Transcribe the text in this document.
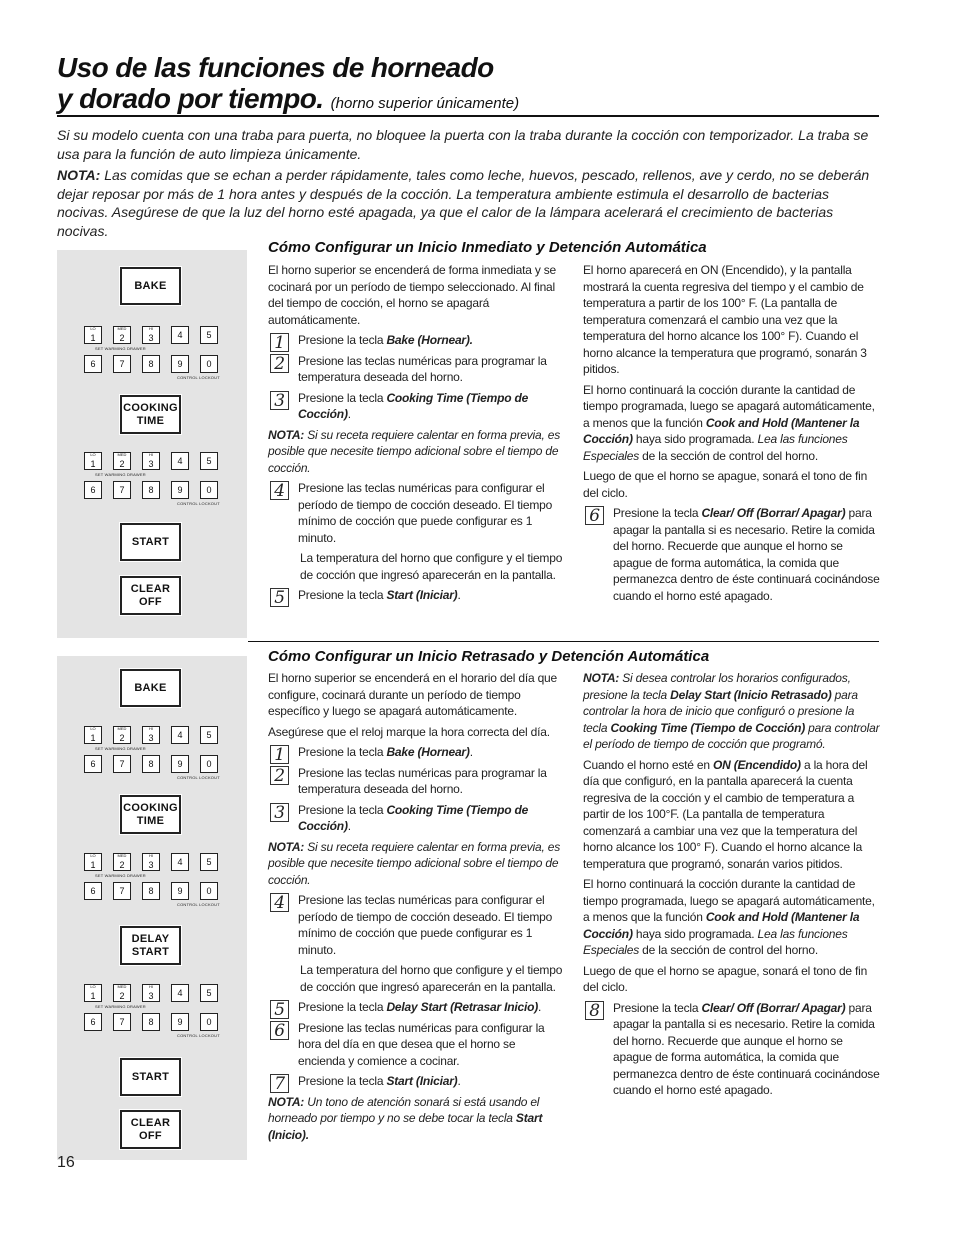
Uso de las funciones de horneado
y dorado por tiempo. (horno superior únicamente)

Si su modelo cuenta con una traba para puerta, no bloquee la puerta con la traba durante la cocción con temporizador. La traba se usa para la función de auto limpieza únicamente.

NOTA: Las comidas que se echan a perder rápidamente, tales como leche, huevos, pescado, rellenos, ave y cerdo, no se deberán dejar reposar por más de 1 hora antes y después de la cocción. La temperatura ambiente estimula el desarrollo de bacterias nocivas. Asegúrese de que la luz del horno esté apagada, ya que el calor de la lámpara acelerará el crecimiento de bacterias nocivas.

BAKE
LO
1
MED
2
HI
3	4	5
SET WARMING DRAWER
6	7	8	9	0
CONTROL LOCKOUT
COOKING TIME
LO
1
MED
2
HI
3	4	5
SET WARMING DRAWER
6	7	8	9	0
CONTROL LOCKOUT
START
CLEAR OFF
Cómo Configurar un Inicio Inmediato y Detención Automática

El horno superior se encenderá de forma inmediata y se cocinará por un período de tiempo seleccionado. Al final del tiempo de cocción, el horno se apagará automáticamente.

1	Presione la tecla Bake (Hornear).
2	Presione las teclas numéricas para programar la temperatura deseada del horno.
3	Presione la tecla Cooking Time (Tiempo de Cocción).

NOTA: Si su receta requiere calentar en forma previa, es posible que necesite tiempo adicional sobre el tiempo de cocción.

4	Presione las teclas numéricas para configurar el período de tiempo de cocción deseado. El tiempo mínimo de cocción que puede configurar es 1 minuto.

La temperatura del horno que configure y el tiempo de cocción que ingresó aparecerán en la pantalla.

5	Presione la tecla Start (Iniciar).

El horno aparecerá en ON (Encendido), y la pantalla mostrará la cuenta regresiva del tiempo y el cambio de temperatura a partir de los 100° F. (La pantalla de temperatura comenzará el cambio una vez que la temperatura del horno alcance los 100° F). Cuando el horno alcance la temperatura que programó, sonarán 3 pitidos.

El horno continuará la cocción durante la cantidad de tiempo programada, luego se apagará automáticamente, a menos que la función Cook and Hold (Mantener la Cocción) haya sido programada. Lea las funciones Especiales de la sección de control del horno.

Luego de que el horno se apague, sonará el tono de fin del ciclo.

6	Presione la tecla Clear/ Off (Borrar/ Apagar) para apagar la pantalla si es necesario. Retire la comida del horno. Recuerde que aunque el horno se apague de forma automática, la comida que permanezca dentro de éste continuará cocinándose cuando el horno esté apagado.
BAKE
LO
1
MED
2
HI
3	4	5
SET WARMING DRAWER
6	7	8	9	0
CONTROL LOCKOUT
COOKING TIME
LO
1
MED
2
HI
3	4	5
SET WARMING DRAWER
6	7	8	9	0
CONTROL LOCKOUT
DELAY START
LO
1
MED
2
HI
3	4	5
SET WARMING DRAWER
6	7	8	9	0
CONTROL LOCKOUT
START
CLEAR OFF
Cómo Configurar un Inicio Retrasado y Detención Automática

El horno superior se encenderá en el horario del día que configure, cocinará durante un período de tiempo específico y luego se apagará automáticamente.

Asegúrese que el reloj marque la hora correcta del día.

1	Presione la tecla Bake (Hornear).
2	Presione las teclas numéricas para programar la temperatura deseada del horno.
3	Presione la tecla Cooking Time (Tiempo de Cocción).

NOTA: Si su receta requiere calentar en forma previa, es posible que necesite tiempo adicional sobre el tiempo de cocción.

4	Presione las teclas numéricas para configurar el período de tiempo de cocción deseado. El tiempo mínimo de cocción que puede configurar es 1 minuto.

La temperatura del horno que configure y el tiempo de cocción que ingresó aparecerán en la pantalla.

5	Presione la tecla Delay Start (Retrasar Inicio).
6	Presione las teclas numéricas para configurar la hora del día en que desea que el horno se encienda y comience a cocinar.
7	Presione la tecla Start (Iniciar).

NOTA: Un tono de atención sonará si está usando el horneado por tiempo y no se debe tocar la tecla Start (Inicio).

NOTA: Si desea controlar los horarios configurados, presione la tecla Delay Start (Inicio Retrasado) para controlar la hora de inicio que configuró o presione la tecla Cooking Time (Tiempo de Cocción) para controlar el período de tiempo de cocción que programó.

Cuando el horno esté en ON (Encendido) a la hora del día que configuró, en la pantalla aparecerá la cuenta regresiva de la cocción y el cambio de temperatura a partir de los 100°F. (La pantalla de temperatura comenzará a cambiar una vez que la temperatura del horno alcance los 100° F). Cuando el horno alcance la temperatura que programó, sonarán varios pitidos.

El horno continuará la cocción durante la cantidad de tiempo programada, luego se apagará automáticamente, a menos que la función Cook and Hold (Mantener la Cocción) haya sido programada. Lea las funciones Especiales de la sección de control del horno.

Luego de que el horno se apague, sonará el tono de fin del ciclo.

8	Presione la tecla Clear/ Off (Borrar/ Apagar) para apagar la pantalla si es necesario. Retire la comida del horno. Recuerde que aunque el horno se apague de forma automática, la comida que permanezca dentro de éste continuará cocinándose cuando el horno esté apagado.
16
